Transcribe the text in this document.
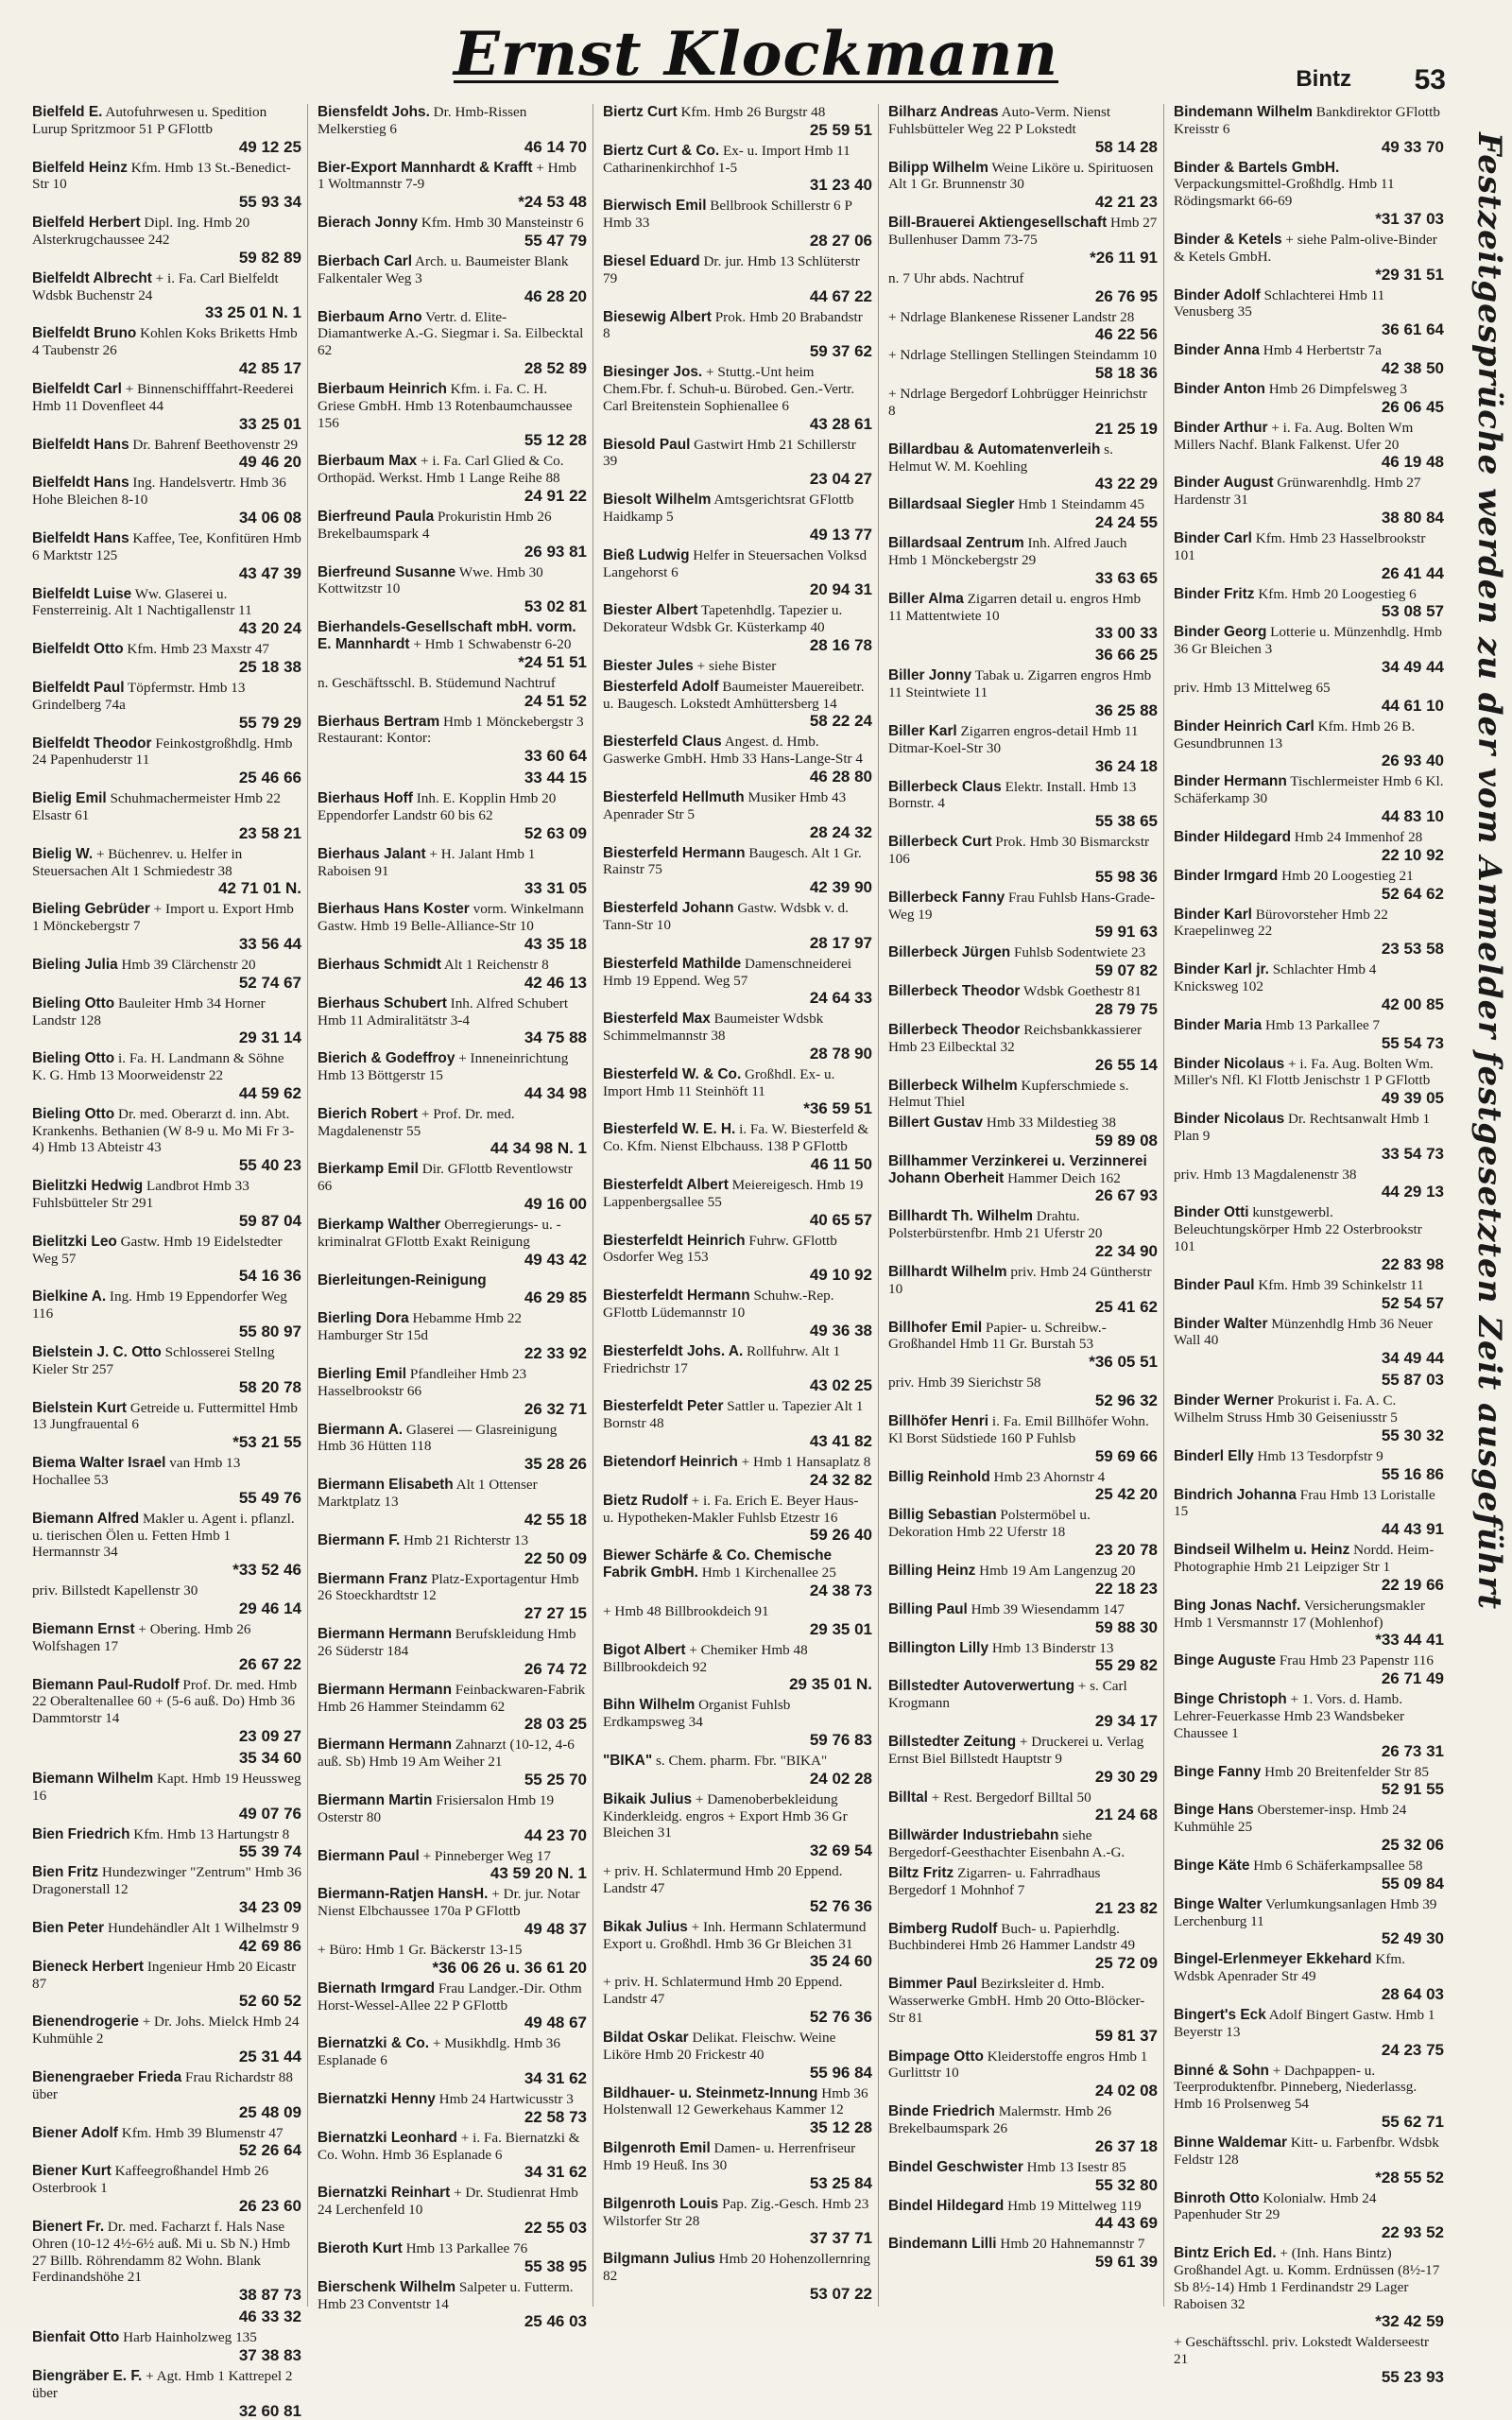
Ernst Klockmann	Bintz 53
Bielfeld E. Autofuhrwesen u. Spedition Lurup Spritzmoor 51 P GFlottb
49 12 25
Bielfeld Heinz Kfm. Hmb 13 St.-Benedict-Str 10
55 93 34
Bielfeld Herbert Dipl. Ing. Hmb 20 Alsterkrugchaussee 242
59 82 89
Bielfeldt Albrecht + i. Fa. Carl Bielfeldt Wdsbk Buchenstr 24
33 25 01 N. 1
Bielfeldt Bruno Kohlen Koks Briketts Hmb 4 Taubenstr 26
42 85 17
Bielfeldt Carl + Binnenschifffahrt-Reederei Hmb 11 Dovenfleet 44
33 25 01
Bielfeldt Hans Dr. Bahrenf Beethovenstr 29
49 46 20
Bielfeldt Hans Ing. Handelsvertr. Hmb 36 Hohe Bleichen 8-10
34 06 08
Bielfeldt Hans Kaffee, Tee, Konfitüren Hmb 6 Marktstr 125
43 47 39
Bielfeldt Luise Ww. Glaserei u. Fensterreinig. Alt 1 Nachtigallenstr 11
43 20 24
Bielfeldt Otto Kfm. Hmb 23 Maxstr 47
25 18 38
Bielfeldt Paul Töpfermstr. Hmb 13 Grindelberg 74a
55 79 29
Bielfeldt Theodor Feinkostgroßhdlg. Hmb 24 Papenhuderstr 11
25 46 66
Bielig Emil Schuhmachermeister Hmb 22 Elsastr 61
23 58 21
Bielig W. + Büchenrev. u. Helfer in Steuersachen Alt 1 Schmiedestr 38
42 71 01 N.
Bieling Gebrüder + Import u. Export Hmb 1 Mönckebergstr 7
33 56 44
Bieling Julia Hmb 39 Clärchenstr 20
52 74 67
Bieling Otto Bauleiter Hmb 34 Horner Landstr 128
29 31 14
Bieling Otto i. Fa. H. Landmann & Söhne K. G. Hmb 13 Moorweidenstr 22
44 59 62
Bieling Otto Dr. med. Oberarzt d. inn. Abt. Krankenhs. Bethanien (W 8-9 u. Mo Mi Fr 3-4) Hmb 13 Abteistr 43
55 40 23
Bielitzki Hedwig Landbrot Hmb 33 Fuhlsbütteler Str 291
59 87 04
Bielitzki Leo Gastw. Hmb 19 Eidelstedter Weg 57
54 16 36
Bielkine A. Ing. Hmb 19 Eppendorfer Weg 116
55 80 97
Bielstein J. C. Otto Schlosserei Stellng Kieler Str 257
58 20 78
Bielstein Kurt Getreide u. Futtermittel Hmb 13 Jungfrauental 6
*53 21 55
Biema Walter Israel van Hmb 13 Hochallee 53
55 49 76
Biemann Alfred Makler u. Agent i. pflanzl. u. tierischen Ölen u. Fetten Hmb 1 Hermannstr 34
*33 52 46
priv. Billstedt Kapellenstr 30
29 46 14
Biemann Ernst + Obering. Hmb 26 Wolfshagen 17
26 67 22
Biemann Paul-Rudolf Prof. Dr. med. Hmb 22 Oberaltenallee 60 + (5-6 auß. Do) Hmb 36 Dammtorstr 14
23 09 27
35 34 60
Biemann Wilhelm Kapt. Hmb 19 Heussweg 16
49 07 76
Bien Friedrich Kfm. Hmb 13 Hartungstr 8
55 39 74
Bien Fritz Hundezwinger "Zentrum" Hmb 36 Dragonerstall 12
34 23 09
Bien Peter Hundehändler Alt 1 Wilhelmstr 9
42 69 86
Bieneck Herbert Ingenieur Hmb 20 Eicastr 87
52 60 52
Bienendrogerie + Dr. Johs. Mielck Hmb 24 Kuhmühle 2
25 31 44
Bienengraeber Frieda Frau Richardstr 88 über
25 48 09
Biener Adolf Kfm. Hmb 39 Blumenstr 47
52 26 64
Biener Kurt Kaffeegroßhandel Hmb 26 Osterbrook 1
26 23 60
Bienert Fr. Dr. med. Facharzt f. Hals Nase Ohren (10-12 4½-6½ auß. Mi u. Sb N.) Hmb 27 Billb. Röhrendamm 82 Wohn. Blank Ferdinandshöhe 21
38 87 73
46 33 32
Bienfait Otto Harb Hainholzweg 135
37 38 83
Biengräber E. F. + Agt. Hmb 1 Kattrepel 2 über
32 60 81
Biensfeldt Johs. Dr. Hmb-Rissen Melkerstieg 6
46 14 70
Bier-Export Mannhardt & Krafft + Hmb 1 Woltmannstr 7-9
*24 53 48
Bierach Jonny Kfm. Hmb 30 Mansteinstr 6
55 47 79
Bierbach Carl Arch. u. Baumeister Blank Falkentaler Weg 3
46 28 20
Bierbaum Arno Vertr. d. Elite-Diamantwerke A.-G. Siegmar i. Sa. Eilbecktal 62
28 52 89
Bierbaum Heinrich Kfm. i. Fa. C. H. Griese GmbH. Hmb 13 Rotenbaumchaussee 156
55 12 28
Bierbaum Max + i. Fa. Carl Glied & Co. Orthopäd. Werkst. Hmb 1 Lange Reihe 88
24 91 22
Bierfreund Paula Prokuristin Hmb 26 Brekelbaumspark 4
26 93 81
Bierfreund Susanne Wwe. Hmb 30 Kottwitzstr 10
53 02 81
Bierhandels-Gesellschaft mbH. vorm. E. Mannhardt + Hmb 1 Schwabenstr 6-20
*24 51 51
n. Geschäftsschl. B. Stüdemund Nachtruf
24 51 52
Bierhaus Bertram Hmb 1 Mönckebergstr 3 Restaurant: Kontor:
33 60 64
33 44 15
Bierhaus Hoff Inh. E. Kopplin Hmb 20 Eppendorfer Landstr 60 bis 62
52 63 09
Bierhaus Jalant + H. Jalant Hmb 1 Raboisen 91
33 31 05
Bierhaus Hans Koster vorm. Winkelmann Gastw. Hmb 19 Belle-Alliance-Str 10
43 35 18
Bierhaus Schmidt Alt 1 Reichenstr 8
42 46 13
Bierhaus Schubert Inh. Alfred Schubert Hmb 11 Admiralitätstr 3-4
34 75 88
Bierich & Godeffroy + Inneneinrichtung Hmb 13 Böttgerstr 15
44 34 98
Bierich Robert + Prof. Dr. med. Magdalenenstr 55
44 34 98 N. 1
Bierkamp Emil Dir. GFlottb Reventlowstr 66
49 16 00
Bierkamp Walther Oberregierungs- u. -kriminalrat GFlottb Exakt Reinigung
49 43 42
Bierleitungen-Reinigung
46 29 85
Bierling Dora Hebamme Hmb 22 Hamburger Str 15d
22 33 92
Bierling Emil Pfandleiher Hmb 23 Hasselbrookstr 66
26 32 71
Biermann A. Glaserei — Glasreinigung Hmb 36 Hütten 118
35 28 26
Biermann Elisabeth Alt 1 Ottenser Marktplatz 13
42 55 18
Biermann F. Hmb 21 Richterstr 13
22 50 09
Biermann Franz Platz-Exportagentur Hmb 26 Stoeckhardtstr 12
27 27 15
Biermann Hermann Berufskleidung Hmb 26 Süderstr 184
26 74 72
Biermann Hermann Feinbackwaren-Fabrik Hmb 26 Hammer Steindamm 62
28 03 25
Biermann Hermann Zahnarzt (10-12, 4-6 auß. Sb) Hmb 19 Am Weiher 21
55 25 70
Biermann Martin Frisiersalon Hmb 19 Osterstr 80
44 23 70
Biermann Paul + Pinneberger Weg 17
43 59 20 N. 1
Biermann-Ratjen HansH. + Dr. jur. Notar Nienst Elbchaussee 170a P GFlottb
49 48 37
+ Büro: Hmb 1 Gr. Bäckerstr 13-15
*36 06 26 u. 36 61 20
Biernath Irmgard Frau Landger.-Dir. Othm Horst-Wessel-Allee 22 P GFlottb
49 48 67
Biernatzki & Co. + Musikhdlg. Hmb 36 Esplanade 6
34 31 62
Biernatzki Henny Hmb 24 Hartwicusstr 3
22 58 73
Biernatzki Leonhard + i. Fa. Biernatzki & Co. Wohn. Hmb 36 Esplanade 6
34 31 62
Biernatzki Reinhart + Dr. Studienrat Hmb 24 Lerchenfeld 10
22 55 03
Bieroth Kurt Hmb 13 Parkallee 76
55 38 95
Bierschenk Wilhelm Salpeter u. Futterm. Hmb 23 Conventstr 14
25 46 03
Biertz Curt Kfm. Hmb 26 Burgstr 48
25 59 51
Biertz Curt & Co. Ex- u. Import Hmb 11 Catharinenkirchhof 1-5
31 23 40
Bierwisch Emil Bellbrook Schillerstr 6 P Hmb 33
28 27 06
Biesel Eduard Dr. jur. Hmb 13 Schlüterstr 79
44 67 22
Biesewig Albert Prok. Hmb 20 Brabandstr 8
59 37 62
Biesinger Jos. + Stuttg.-Unt heim Chem.Fbr. f. Schuh-u. Bürobed. Gen.-Vertr. Carl Breitenstein Sophienallee 6
43 28 61
Biesold Paul Gastwirt Hmb 21 Schillerstr 39
23 04 27
Biesolt Wilhelm Amtsgerichtsrat GFlottb Haidkamp 5
49 13 77
Bieß Ludwig Helfer in Steuersachen Volksd Langehorst 6
20 94 31
Biester Albert Tapetenhdlg. Tapezier u. Dekorateur Wdsbk Gr. Küsterkamp 40
28 16 78
Biester Jules + siehe Bister
Biesterfeld Adolf Baumeister Mauereibetr. u. Baugesch. Lokstedt Amhüttersberg 14
58 22 24
Biesterfeld Claus Angest. d. Hmb. Gaswerke GmbH. Hmb 33 Hans-Lange-Str 4
46 28 80
Biesterfeld Hellmuth Musiker Hmb 43 Apenrader Str 5
28 24 32
Biesterfeld Hermann Baugesch. Alt 1 Gr. Rainstr 75
42 39 90
Biesterfeld Johann Gastw. Wdsbk v. d. Tann-Str 10
28 17 97
Biesterfeld Mathilde Damenschneiderei Hmb 19 Eppend. Weg 57
24 64 33
Biesterfeld Max Baumeister Wdsbk Schimmelmannstr 38
28 78 90
Biesterfeld W. & Co. Großhdl. Ex- u. Import Hmb 11 Steinhöft 11
*36 59 51
Biesterfeld W. E. H. i. Fa. W. Biesterfeld & Co. Kfm. Nienst Elbchauss. 138 P GFlottb
46 11 50
Biesterfeldt Albert Meiereigesch. Hmb 19 Lappenbergsallee 55
40 65 57
Biesterfeldt Heinrich Fuhrw. GFlottb Osdorfer Weg 153
49 10 92
Biesterfeldt Hermann Schuhw.-Rep. GFlottb Lüdemannstr 10
49 36 38
Biesterfeldt Johs. A. Rollfuhrw. Alt 1 Friedrichstr 17
43 02 25
Biesterfeldt Peter Sattler u. Tapezier Alt 1 Bornstr 48
43 41 82
Bietendorf Heinrich + Hmb 1 Hansaplatz 8
24 32 82
Bietz Rudolf + i. Fa. Erich E. Beyer Haus- u. Hypotheken-Makler Fuhlsb Etzestr 16
59 26 40
Biewer Schärfe & Co. Chemische Fabrik GmbH. Hmb 1 Kirchenallee 25
24 38 73
+ Hmb 48 Billbrookdeich 91
29 35 01
Bigot Albert + Chemiker Hmb 48 Billbrookdeich 92
29 35 01 N.
Bihn Wilhelm Organist Fuhlsb Erdkampsweg 34
59 76 83
"BIKA" s. Chem. pharm. Fbr. "BIKA"
24 02 28
Bikaik Julius + Damenoberbekleidung Kinderkleidg. engros + Export Hmb 36 Gr Bleichen 31
32 69 54
+ priv. H. Schlatermund Hmb 20 Eppend. Landstr 47
52 76 36
Bikak Julius + Inh. Hermann Schlatermund Export u. Großhdl. Hmb 36 Gr Bleichen 31
35 24 60
+ priv. H. Schlatermund Hmb 20 Eppend. Landstr 47
52 76 36
Bildat Oskar Delikat. Fleischw. Weine Liköre Hmb 20 Frickestr 40
55 96 84
Bildhauer- u. Steinmetz-Innung Hmb 36 Holstenwall 12 Gewerkehaus Kammer 12
35 12 28
Bilgenroth Emil Damen- u. Herrenfriseur Hmb 19 Heuß. Ins 30
53 25 84
Bilgenroth Louis Pap. Zig.-Gesch. Hmb 23 Wilstorfer Str 28
37 37 71
Bilgmann Julius Hmb 20 Hohenzollernring 82
53 07 22
Bilharz Andreas Auto-Verm. Nienst Fuhlsbütteler Weg 22 P Lokstedt
58 14 28
Bilipp Wilhelm Weine Liköre u. Spirituosen Alt 1 Gr. Brunnenstr 30
42 21 23
Bill-Brauerei Aktiengesellschaft Hmb 27 Bullenhuser Damm 73-75
*26 11 91
n. 7 Uhr abds. Nachtruf
26 76 95
+ Ndrlage Blankenese Rissener Landstr 28
46 22 56
+ Ndrlage Stellingen Stellingen Steindamm 10
58 18 36
+ Ndrlage Bergedorf Lohbrügger Heinrichstr 8
21 25 19
Billardbau & Automatenverleih s. Helmut W. M. Koehling
43 22 29
Billardsaal Siegler Hmb 1 Steindamm 45
24 24 55
Billardsaal Zentrum Inh. Alfred Jauch Hmb 1 Mönckebergstr 29
33 63 65
Biller Alma Zigarren detail u. engros Hmb 11 Mattentwiete 10
33 00 33
36 66 25
Biller Jonny Tabak u. Zigarren engros Hmb 11 Steintwiete 11
36 25 88
Biller Karl Zigarren engros-detail Hmb 11 Ditmar-Koel-Str 30
36 24 18
Billerbeck Claus Elektr. Install. Hmb 13 Bornstr. 4
55 38 65
Billerbeck Curt Prok. Hmb 30 Bismarckstr 106
55 98 36
Billerbeck Fanny Frau Fuhlsb Hans-Grade-Weg 19
59 91 63
Billerbeck Jürgen Fuhlsb Sodentwiete 23
59 07 82
Billerbeck Theodor Wdsbk Goethestr 81
28 79 75
Billerbeck Theodor Reichsbankkassierer Hmb 23 Eilbecktal 32
26 55 14
Billerbeck Wilhelm Kupferschmiede s. Helmut Thiel
Billert Gustav Hmb 33 Mildestieg 38
59 89 08
Billhammer Verzinkerei u. Verzinnerei Johann Oberheit Hammer Deich 162
26 67 93
Billhardt Th. Wilhelm Drahtu. Polsterbürstenfbr. Hmb 21 Uferstr 20
22 34 90
Billhardt Wilhelm priv. Hmb 24 Güntherstr 10
25 41 62
Billhofer Emil Papier- u. Schreibw.-Großhandel Hmb 11 Gr. Burstah 53
*36 05 51
priv. Hmb 39 Sierichstr 58
52 96 32
Billhöfer Henri i. Fa. Emil Billhöfer Wohn. Kl Borst Südstiede 160 P Fuhlsb
59 69 66
Billig Reinhold Hmb 23 Ahornstr 4
25 42 20
Billig Sebastian Polstermöbel u. Dekoration Hmb 22 Uferstr 18
23 20 78
Billing Heinz Hmb 19 Am Langenzug 20
22 18 23
Billing Paul Hmb 39 Wiesendamm 147
59 88 30
Billington Lilly Hmb 13 Binderstr 13
55 29 82
Billstedter Autoverwertung + s. Carl Krogmann
29 34 17
Billstedter Zeitung + Druckerei u. Verlag Ernst Biel Billstedt Hauptstr 9
29 30 29
Billtal + Rest. Bergedorf Billtal 50
21 24 68
Billwärder Industriebahn siehe Bergedorf-Geesthachter Eisenbahn A.-G.
Biltz Fritz Zigarren- u. Fahrradhaus Bergedorf 1 Mohnhof 7
21 23 82
Bimberg Rudolf Buch- u. Papierhdlg. Buchbinderei Hmb 26 Hammer Landstr 49
25 72 09
Bimmer Paul Bezirksleiter d. Hmb. Wasserwerke GmbH. Hmb 20 Otto-Blöcker-Str 81
59 81 37
Bimpage Otto Kleiderstoffe engros Hmb 1 Gurlittstr 10
24 02 08
Binde Friedrich Malermstr. Hmb 26 Brekelbaumspark 26
26 37 18
Bindel Geschwister Hmb 13 Isestr 85
55 32 80
Bindel Hildegard Hmb 19 Mittelweg 119
44 43 69
Bindemann Lilli Hmb 20 Hahnemannstr 7
59 61 39
Bindemann Wilhelm Bankdirektor GFlottb Kreisstr 6
49 33 70
Binder & Bartels GmbH. Verpackungsmittel-Großhdlg. Hmb 11 Rödingsmarkt 66-69
*31 37 03
Binder & Ketels + siehe Palm-olive-Binder & Ketels GmbH.
*29 31 51
Binder Adolf Schlachterei Hmb 11 Venusberg 35
36 61 64
Binder Anna Hmb 4 Herbertstr 7a
42 38 50
Binder Anton Hmb 26 Dimpfelsweg 3
26 06 45
Binder Arthur + i. Fa. Aug. Bolten Wm Millers Nachf. Blank Falkenst. Ufer 20
46 19 48
Binder August Grünwarenhdlg. Hmb 27 Hardenstr 31
38 80 84
Binder Carl Kfm. Hmb 23 Hasselbrookstr 101
26 41 44
Binder Fritz Kfm. Hmb 20 Loogestieg 6
53 08 57
Binder Georg Lotterie u. Münzenhdlg. Hmb 36 Gr Bleichen 3
34 49 44
priv. Hmb 13 Mittelweg 65
44 61 10
Binder Heinrich Carl Kfm. Hmb 26 B. Gesundbrunnen 13
26 93 40
Binder Hermann Tischlermeister Hmb 6 Kl. Schäferkamp 30
44 83 10
Binder Hildegard Hmb 24 Immenhof 28
22 10 92
Binder Irmgard Hmb 20 Loogestieg 21
52 64 62
Binder Karl Bürovorsteher Hmb 22 Kraepelinweg 22
23 53 58
Binder Karl jr. Schlachter Hmb 4 Knicksweg 102
42 00 85
Binder Maria Hmb 13 Parkallee 7
55 54 73
Binder Nicolaus + i. Fa. Aug. Bolten Wm. Miller's Nfl. Kl Flottb Jenischstr 1 P GFlottb
49 39 05
Binder Nicolaus Dr. Rechtsanwalt Hmb 1 Plan 9
33 54 73
priv. Hmb 13 Magdalenenstr 38
44 29 13
Binder Otti kunstgewerbl. Beleuchtungskörper Hmb 22 Osterbrookstr 101
22 83 98
Binder Paul Kfm. Hmb 39 Schinkelstr 11
52 54 57
Binder Walter Münzenhdlg Hmb 36 Neuer Wall 40
34 49 44
55 87 03
Binder Werner Prokurist i. Fa. A. C. Wilhelm Struss Hmb 30 Geiseniusstr 5
55 30 32
Binderl Elly Hmb 13 Tesdorpfstr 9
55 16 86
Bindrich Johanna Frau Hmb 13 Loristalle 15
44 43 91
Bindseil Wilhelm u. Heinz Nordd. Heim-Photographie Hmb 21 Leipziger Str 1
22 19 66
Bing Jonas Nachf. Versicherungsmakler Hmb 1 Versmannstr 17 (Mohlenhof)
*33 44 41
Binge Auguste Frau Hmb 23 Papenstr 116
26 71 49
Binge Christoph + 1. Vors. d. Hamb. Lehrer-Feuerkasse Hmb 23 Wandsbeker Chaussee 1
26 73 31
Binge Fanny Hmb 20 Breitenfelder Str 85
52 91 55
Binge Hans Oberstemer-insp. Hmb 24 Kuhmühle 25
25 32 06
Binge Käte Hmb 6 Schäferkampsallee 58
55 09 84
Binge Walter Verlumkungsanlagen Hmb 39 Lerchenburg 11
52 49 30
Bingel-Erlenmeyer Ekkehard Kfm. Wdsbk Apenrader Str 49
28 64 03
Bingert's Eck Adolf Bingert Gastw. Hmb 1 Beyerstr 13
24 23 75
Binné & Sohn + Dachpappen- u. Teerproduktenfbr. Pinneberg, Niederlassg. Hmb 16 Prolsenweg 54
55 62 71
Binne Waldemar Kitt- u. Farbenfbr. Wdsbk Feldstr 128
*28 55 52
Binroth Otto Kolonialw. Hmb 24 Papenhuder Str 29
22 93 52
Bintz Erich Ed. + (Inh. Hans Bintz) Großhandel Agt. u. Komm. Erdnüssen (8½-17 Sb 8½-14) Hmb 1 Ferdinandstr 29 Lager Raboisen 32
*32 42 59
+ Geschäftsschl. priv. Lokstedt Walderseestr 21
55 23 93
Festzeitgesprüche werden zu der vom Anmelder festgesetzten Zeit ausgeführt
